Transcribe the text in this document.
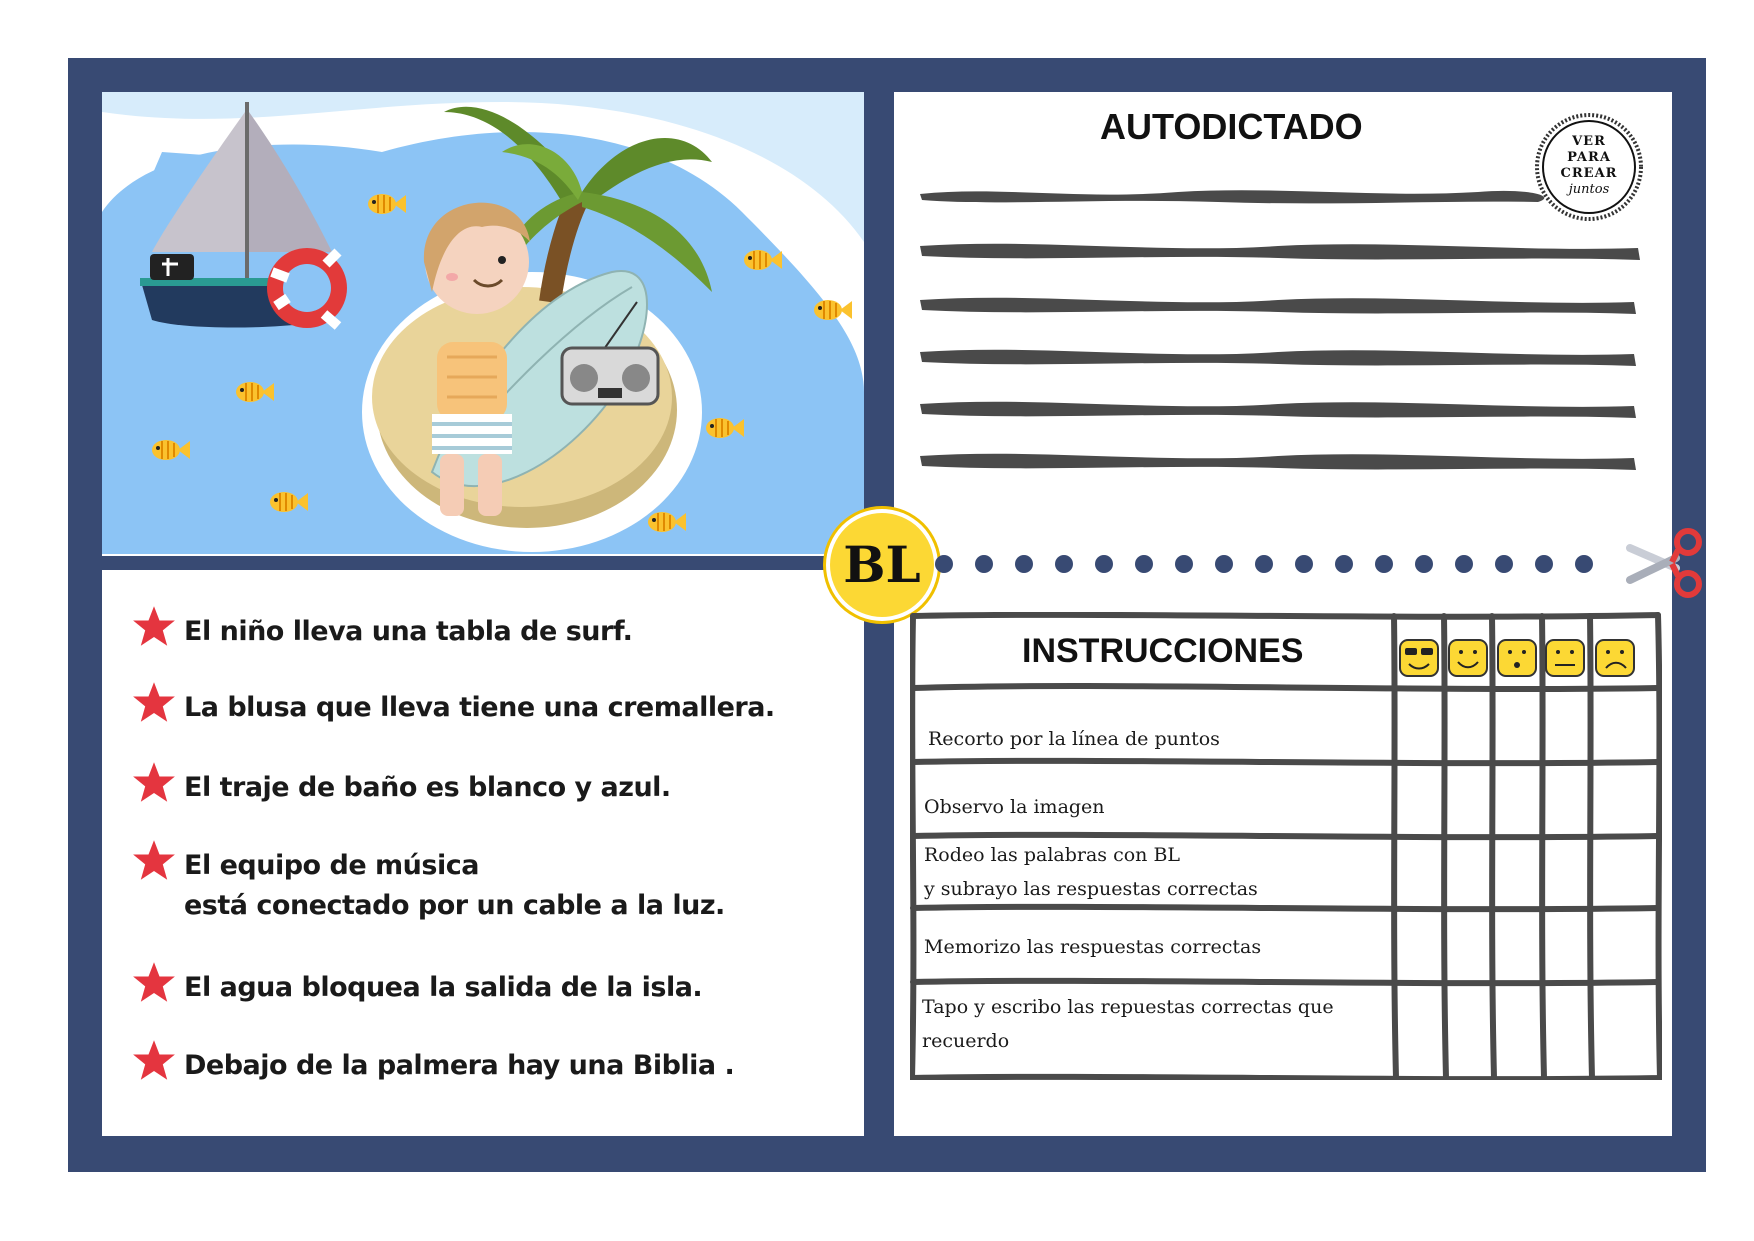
El niño lleva una tabla de surf.
La blusa que lleva tiene una cremallera.
El traje de baño es blanco y azul.
El equipo de música
está conectado por un cable a la luz.
El agua bloquea la salida de la isla.
Debajo de la palmera hay una Biblia .
AUTODICTADO	VER
PARA
CREAR
juntos
BL
INSTRUCCIONES
Recorto por la línea de puntos
Observo la imagen
Rodeo las palabras con BL
y subrayo las respuestas correctas
Memorizo las respuestas correctas
Tapo y escribo las repuestas correctas que
recuerdo
